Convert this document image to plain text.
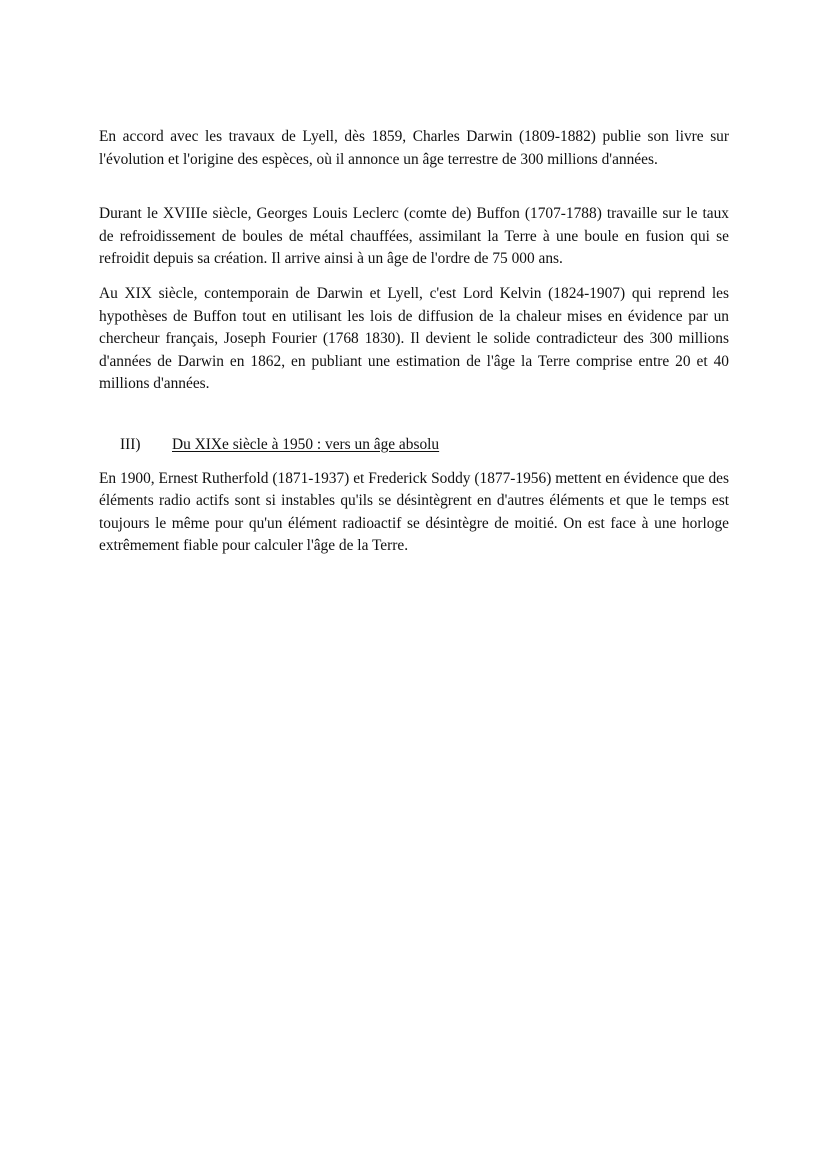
En accord avec les travaux de Lyell, dès 1859, Charles Darwin (1809-1882) publie son livre sur l'évolution et l'origine des espèces, où il annonce un âge terrestre de 300 millions d'années.

Durant le XVIIIe siècle, Georges Louis Leclerc (comte de) Buffon (1707-1788) travaille sur le taux de refroidissement de boules de métal chauffées, assimilant la Terre à une boule en fusion qui se refroidit depuis sa création. Il arrive ainsi à un âge de l'ordre de 75 000 ans.

Au XIX siècle, contemporain de Darwin et Lyell, c'est Lord Kelvin (1824-1907) qui reprend les hypothèses de Buffon tout en utilisant les lois de diffusion de la chaleur mises en évidence par un chercheur français, Joseph Fourier (1768 1830). Il devient le solide contradicteur des 300 millions d'années de Darwin en 1862, en publiant une estimation de l'âge la Terre comprise entre 20 et 40 millions d'années.

III)	Du XIXe siècle à 1950 : vers un âge absolu

En 1900, Ernest Rutherfold (1871-1937) et Frederick Soddy (1877-1956) mettent en évidence que des éléments radio actifs sont si instables qu'ils se désintègrent en d'autres éléments et que le temps est toujours le même pour qu'un élément radioactif se désintègre de moitié. On est face à une horloge extrêmement fiable pour calculer l'âge de la Terre.
